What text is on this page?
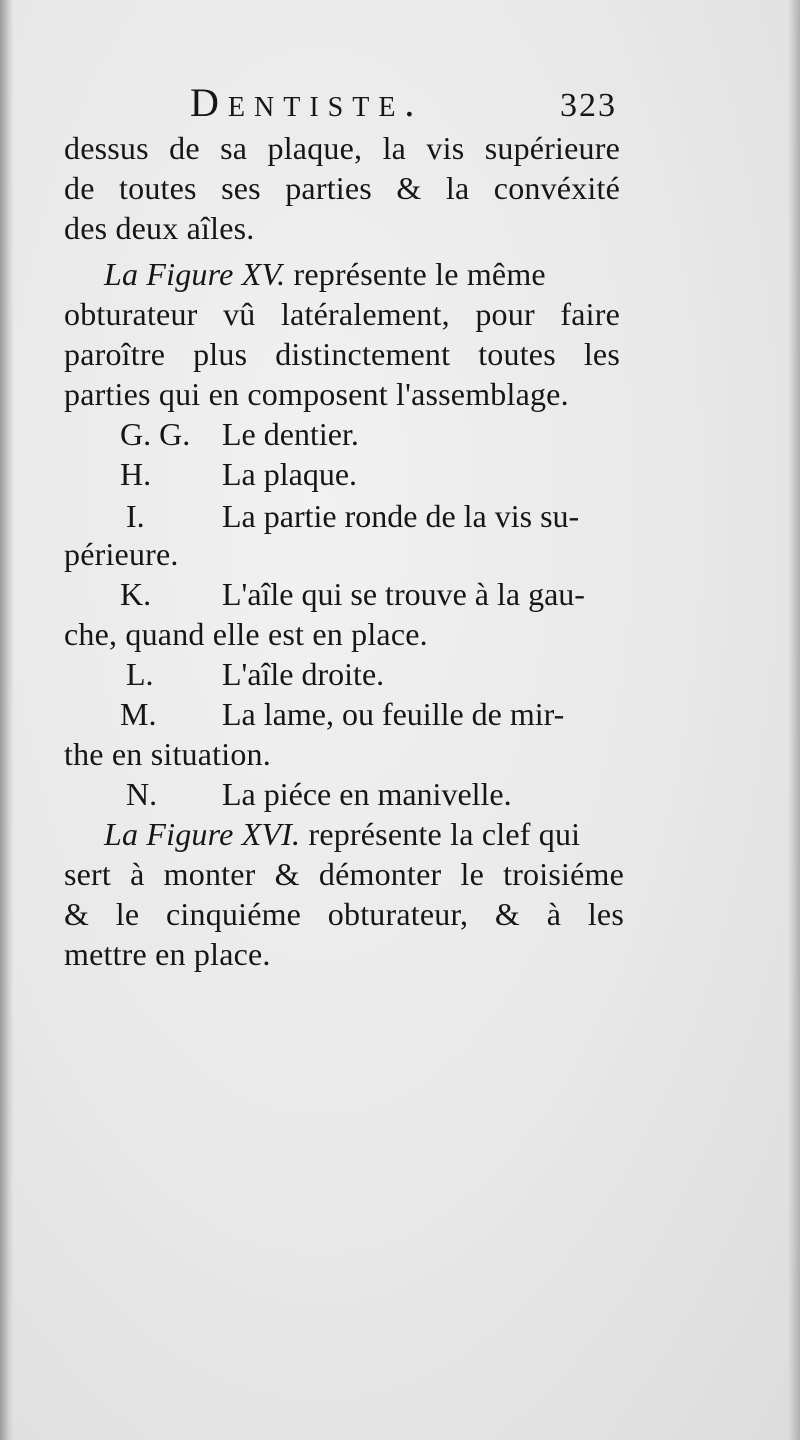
Dentiste.	323
dessus de sa plaque, la vis supérieure
de toutes ses parties & la convéxité
des deux aîles.
La Figure XV. représente le même
obturateur vû latéralement, pour faire
paroître plus distinctement toutes les
parties qui en composent l'assemblage.
G. G. Le dentier.
H. La plaque.
I. La partie ronde de la vis su-
périeure.
K. L'aîle qui se trouve à la gau-
che, quand elle est en place.
L. L'aîle droite.
M. La lame, ou feuille de mir-
the en situation.
N. La piéce en manivelle.
La Figure XVI. représente la clef qui
sert à monter & démonter le troisiéme
& le cinquiéme obturateur, & à les
mettre en place.
